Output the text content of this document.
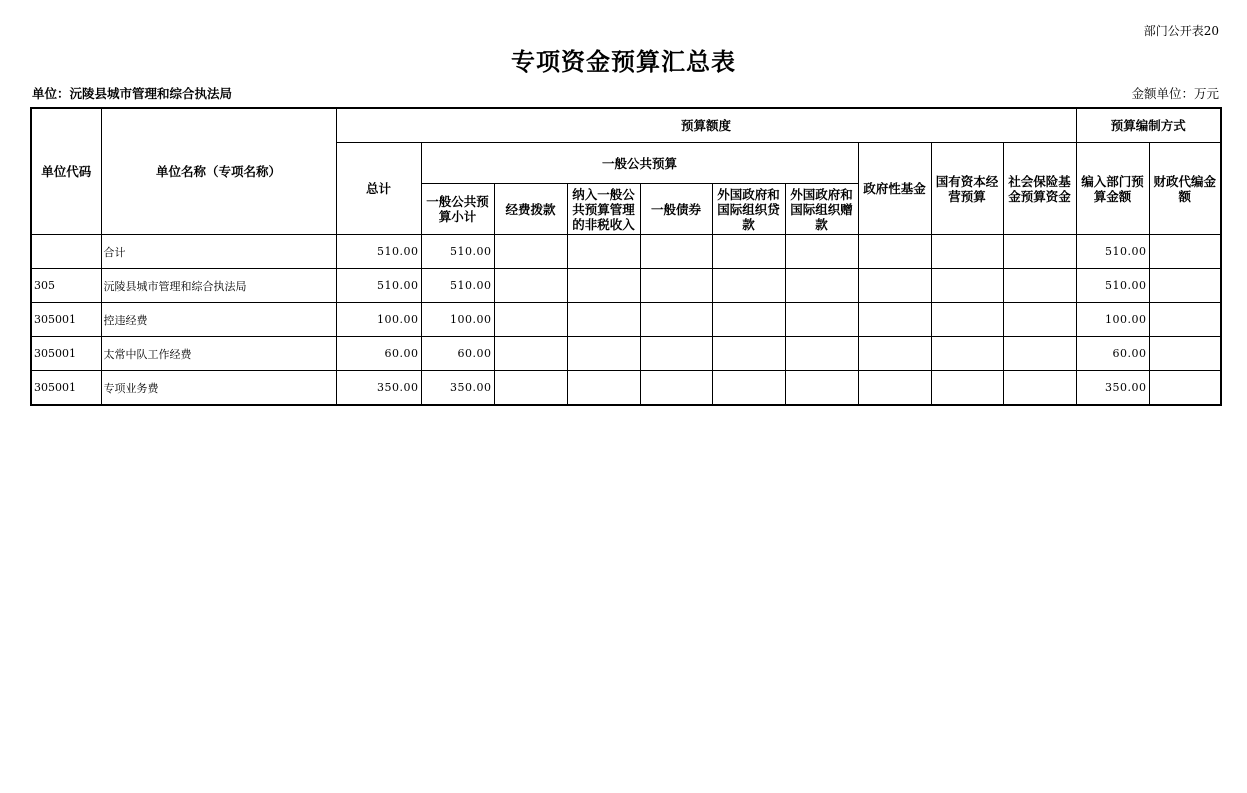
部门公开表20
专项资金预算汇总表
单位：沅陵县城市管理和综合执法局	金额单位：万元
单位代码	单位名称（专项名称）	预算额度										预算编制方式	
		总计	一般公共预算						政府性基金	国有资本经营预算	社会保险基金预算资金	编入部门预算金额	财政代编金额
			一般公共预算小计	经费拨款	纳入一般公共预算管理的非税收入	一般债券	外国政府和国际组织贷款	外国政府和国际组织赠款					
	合计	510.00	510.00									510.00	
305	沅陵县城市管理和综合执法局	510.00	510.00									510.00	
305001	控违经费	100.00	100.00									100.00	
305001	太常中队工作经费	60.00	60.00									60.00	
305001	专项业务费	350.00	350.00									350.00	
